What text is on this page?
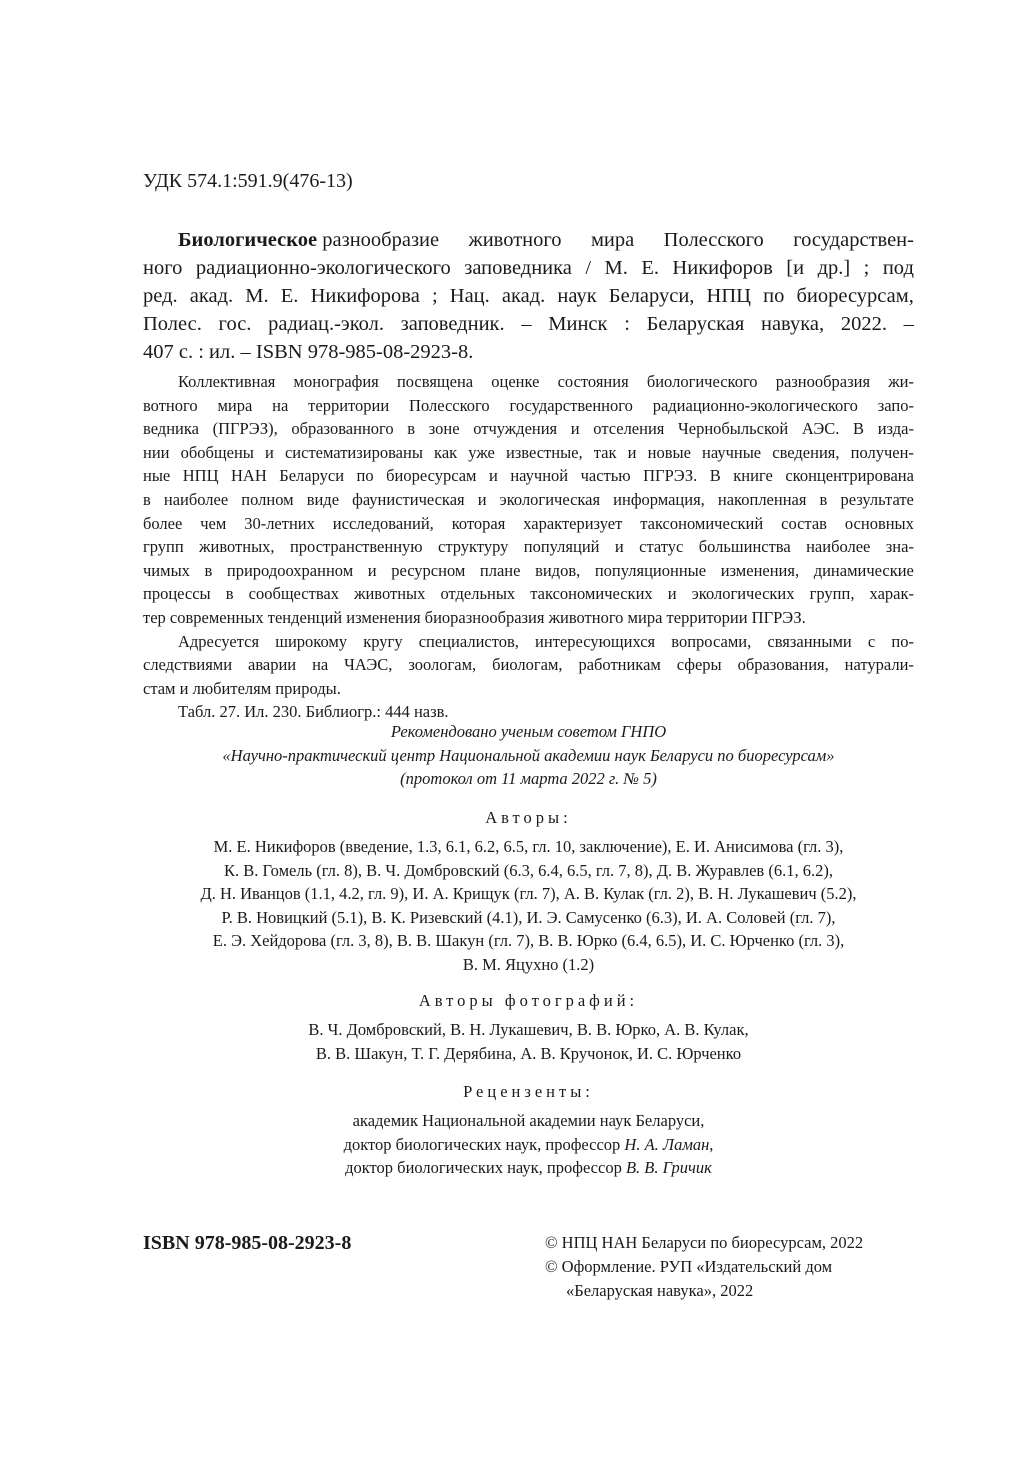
УДК 574.1:591.9(476-13)
Биологическое
разнообразие животного мира Полесского государствен-
ного радиационно-экологического заповедника / М. Е. Никифоров [и др.] ; под
ред. акад. М. Е. Никифорова ; Нац. акад. наук Беларуси, НПЦ по биоресурсам,
Полес. гос. радиац.-экол. заповедник. – Минск : Беларуская навука, 2022. –
407 с. : ил. – ISBN 978-985-08-2923-8.
Коллективная монография посвящена оценке состояния биологического разнообразия жи-
вотного мира на территории Полесского государственного радиационно-экологического запо-
ведника (ПГРЭЗ), образованного в зоне отчуждения и отселения Чернобыльской АЭС. В изда-
нии обобщены и систематизированы как уже известные, так и новые научные сведения, получен-
ные НПЦ НАН Беларуси по биоресурсам и научной частью ПГРЭЗ. В книге сконцентрирована
в наиболее полном виде фаунистическая и экологическая информация, накопленная в результате
более чем 30-летних исследований, которая характеризует таксономический состав основных
групп животных, пространственную структуру популяций и статус большинства наиболее зна-
чимых в природоохранном и ресурсном плане видов, популяционные изменения, динамические
процессы в сообществах животных отдельных таксономических и экологических групп, харак-
тер современных тенденций изменения биоразнообразия животного мира территории ПГРЭЗ.
Адресуется широкому кругу специалистов, интересующихся вопросами, связанными с по-
следствиями аварии на ЧАЭС, зоологам, биологам, работникам сферы образования, натурали-
стам и любителям природы.
Табл. 27. Ил. 230. Библиогр.: 444 назв.
Рекомендовано ученым советом ГНПО
«Научно-практический центр Национальной академии наук Беларуси по биоресурсам»
(протокол от 11 марта 2022 г. № 5)
Авторы:
М. Е. Никифоров (введение, 1.3, 6.1, 6.2, 6.5, гл. 10, заключение), Е. И. Анисимова (гл. 3),
К. В. Гомель (гл. 8), В. Ч. Домбровский (6.3, 6.4, 6.5, гл. 7, 8), Д. В. Журавлев (6.1, 6.2),
Д. Н. Иванцов (1.1, 4.2, гл. 9), И. А. Крищук (гл. 7), А. В. Кулак (гл. 2), В. Н. Лукашевич (5.2),
Р. В. Новицкий (5.1), В. К. Ризевский (4.1), И. Э. Самусенко (6.3), И. А. Соловей (гл. 7),
Е. Э. Хейдорова (гл. 3, 8), В. В. Шакун (гл. 7), В. В. Юрко (6.4, 6.5), И. С. Юрченко (гл. 3),
В. М. Яцухно (1.2)
Авторы фотографий:
В. Ч. Домбровский, В. Н. Лукашевич, В. В. Юрко, А. В. Кулак,
В. В. Шакун, Т. Г. Дерябина, А. В. Кручонок, И. С. Юрченко
Рецензенты:
академик Национальной академии наук Беларуси,
доктор биологических наук, профессор Н. А. Ламан,
доктор биологических наук, профессор В. В. Гричик
ISBN 978-985-08-2923-8	© НПЦ НАН Беларуси по биоресурсам, 2022
© Оформление. РУП «Издательский дом
«Беларуская навука», 2022
